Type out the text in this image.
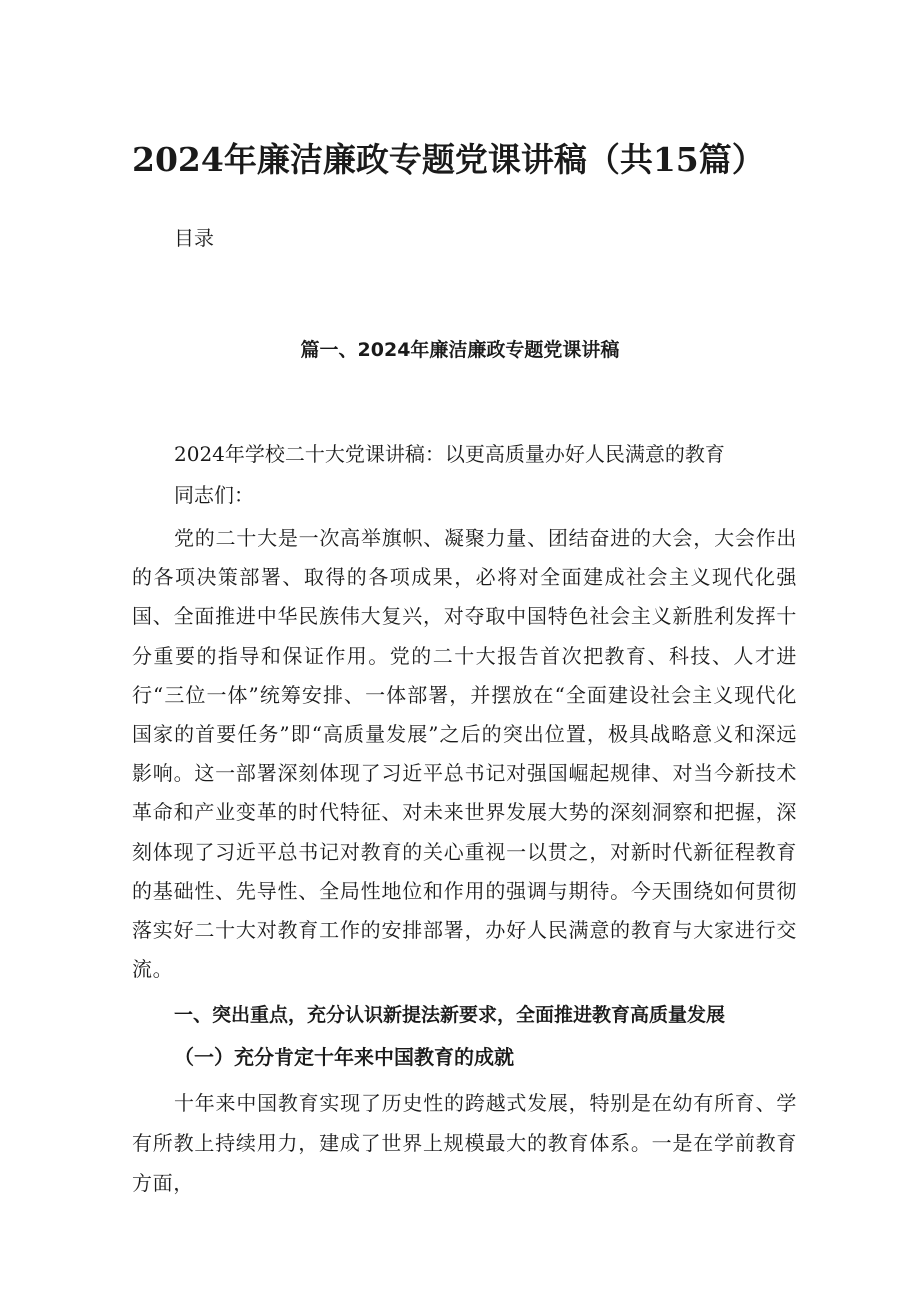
2024年廉洁廉政专题党课讲稿（共15篇）

目录

篇一、2024年廉洁廉政专题党课讲稿

2024年学校二十大党课讲稿：以更高质量办好人民满意的教育

同志们：

党的二十大是一次高举旗帜、凝聚力量、团结奋进的大会，大会作出的各项决策部署、取得的各项成果，必将对全面建成社会主义现代化强国、全面推进中华民族伟大复兴，对夺取中国特色社会主义新胜利发挥十分重要的指导和保证作用。党的二十大报告首次把教育、科技、人才进行“三位一体”统筹安排、一体部署，并摆放在“全面建设社会主义现代化国家的首要任务”即“高质量发展”之后的突出位置，极具战略意义和深远影响。这一部署深刻体现了习近平总书记对强国崛起规律、对当今新技术革命和产业变革的时代特征、对未来世界发展大势的深刻洞察和把握，深刻体现了习近平总书记对教育的关心重视一以贯之，对新时代新征程教育的基础性、先导性、全局性地位和作用的强调与期待。今天围绕如何贯彻落实好二十大对教育工作的安排部署，办好人民满意的教育与大家进行交流。

一、突出重点，充分认识新提法新要求，全面推进教育高质量发展
（一）充分肯定十年来中国教育的成就

十年来中国教育实现了历史性的跨越式发展，特别是在幼有所育、学有所教上持续用力，建成了世界上规模最大的教育体系。一是在学前教育方面，
